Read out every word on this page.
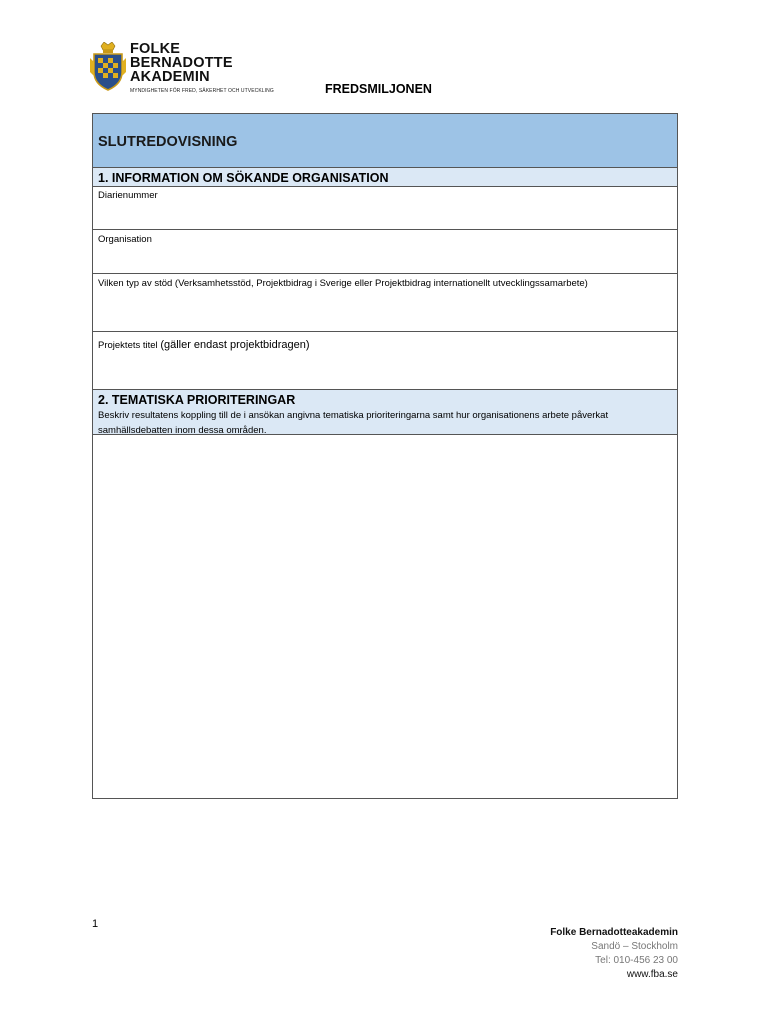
FOLKE
BERNADOTTE
AKADEMIN
MYNDIGHETEN FÖR FRED, SÄKERHET OCH UTVECKLING	FREDSMILJONEN
SLUTREDOVISNING
1. INFORMATION OM SÖKANDE ORGANISATION
Diarienummer
Organisation
Vilken typ av stöd (Verksamhetsstöd, Projektbidrag i Sverige eller Projektbidrag internationellt utvecklingssamarbete)
Projektets titel (gäller endast projektbidragen)
2. TEMATISKA PRIORITERINGAR
Beskriv resultatens koppling till de i ansökan angivna tematiska prioriteringarna samt hur organisationens arbete påverkat samhällsdebatten inom dessa områden.
1
Folke Bernadotteakademin
Sandö – Stockholm
Tel: 010-456 23 00
www.fba.se
